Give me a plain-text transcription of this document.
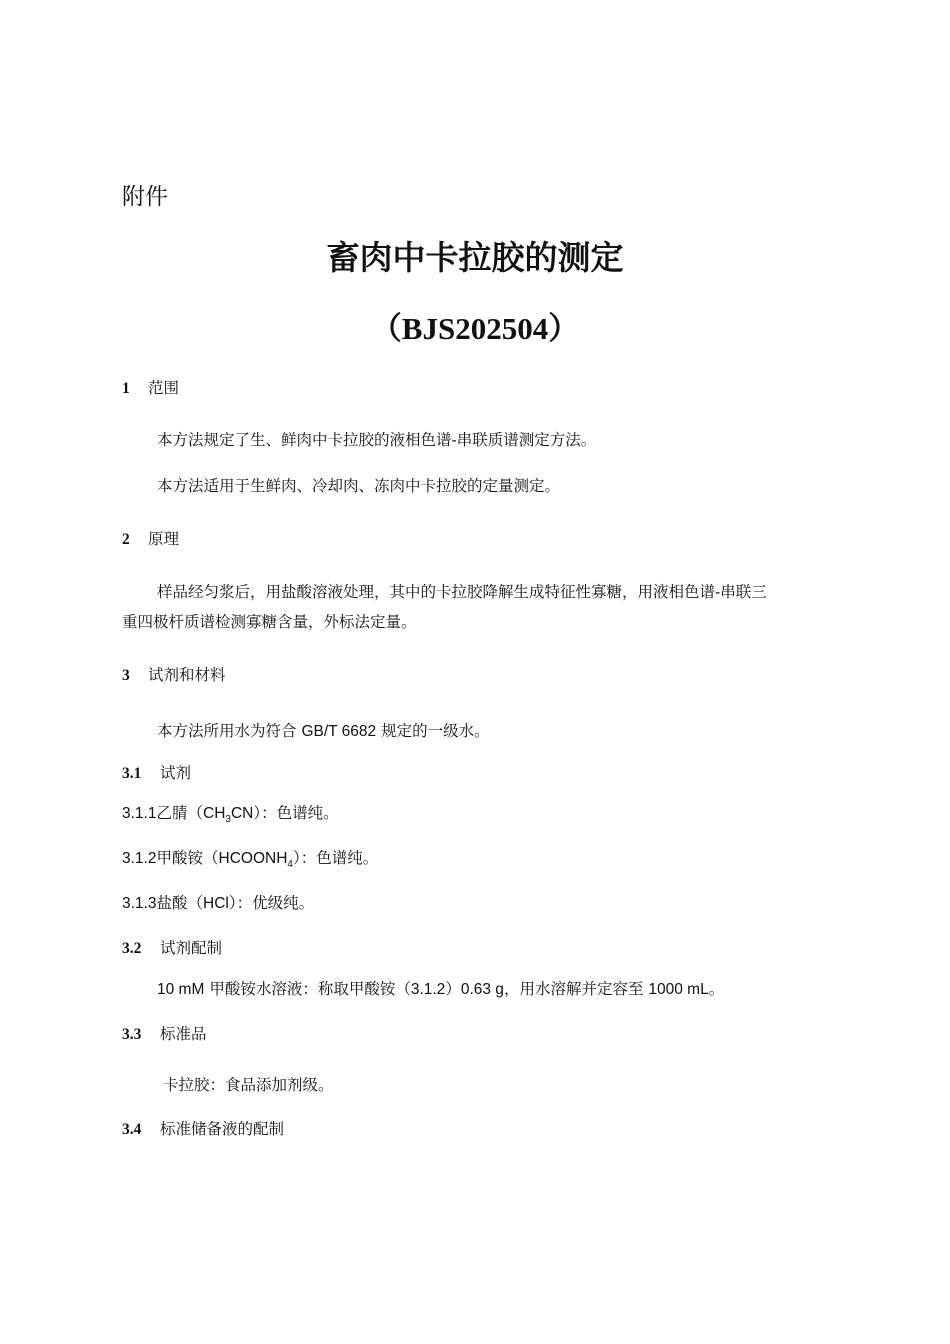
附件
畜肉中卡拉胶的测定
（BJS202504）
1 范围
本方法规定了生、鲜肉中卡拉胶的液相色谱-串联质谱测定方法。
本方法适用于生鲜肉、冷却肉、冻肉中卡拉胶的定量测定。
2 原理
样品经匀浆后，用盐酸溶液处理，其中的卡拉胶降解生成特征性寡糖，用液相色谱-串联三
重四极杆质谱检测寡糖含量，外标法定量。
3 试剂和材料
本方法所用水为符合 GB/T 6682 规定的一级水。
3.1 试剂
3.1.1乙腈$(CH_3CN)$：色谱纯。
3.1.2甲酸铵$(HCOONH_4)$：色谱纯。
3.1.3盐酸（HCl）：优级纯。
3.2 试剂配制
10 mM 甲酸铵水溶液：称取甲酸铵（3.1.2）0.63 g，用水溶解并定容至 1000 mL。
3.3 标准品
卡拉胶：食品添加剂级。
3.4 标准储备液的配制
